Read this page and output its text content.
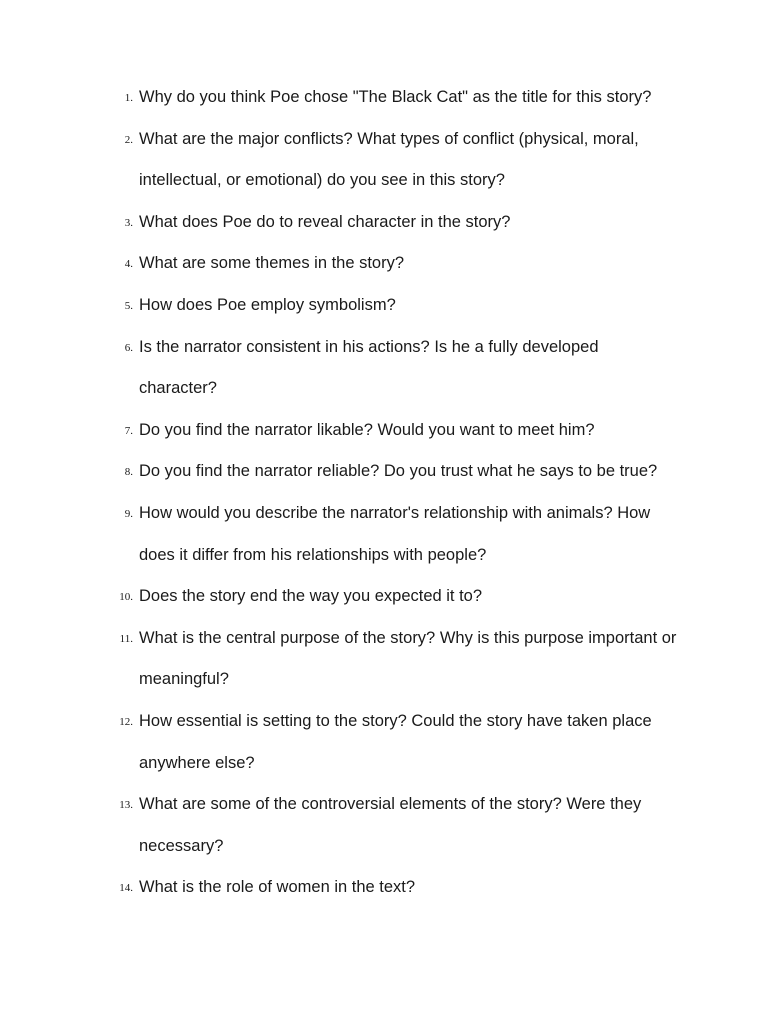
1. Why do you think Poe chose "The Black Cat" as the title for this story?
2. What are the major conflicts? What types of conflict (physical, moral, intellectual, or emotional) do you see in this story?
3. What does Poe do to reveal character in the story?
4. What are some themes in the story?
5. How does Poe employ symbolism?
6. Is the narrator consistent in his actions? Is he a fully developed character?
7. Do you find the narrator likable? Would you want to meet him?
8. Do you find the narrator reliable? Do you trust what he says to be true?
9. How would you describe the narrator's relationship with animals? How does it differ from his relationships with people?
10. Does the story end the way you expected it to?
11. What is the central purpose of the story? Why is this purpose important or meaningful?
12. How essential is setting to the story? Could the story have taken place anywhere else?
13. What are some of the controversial elements of the story? Were they necessary?
14. What is the role of women in the text?
